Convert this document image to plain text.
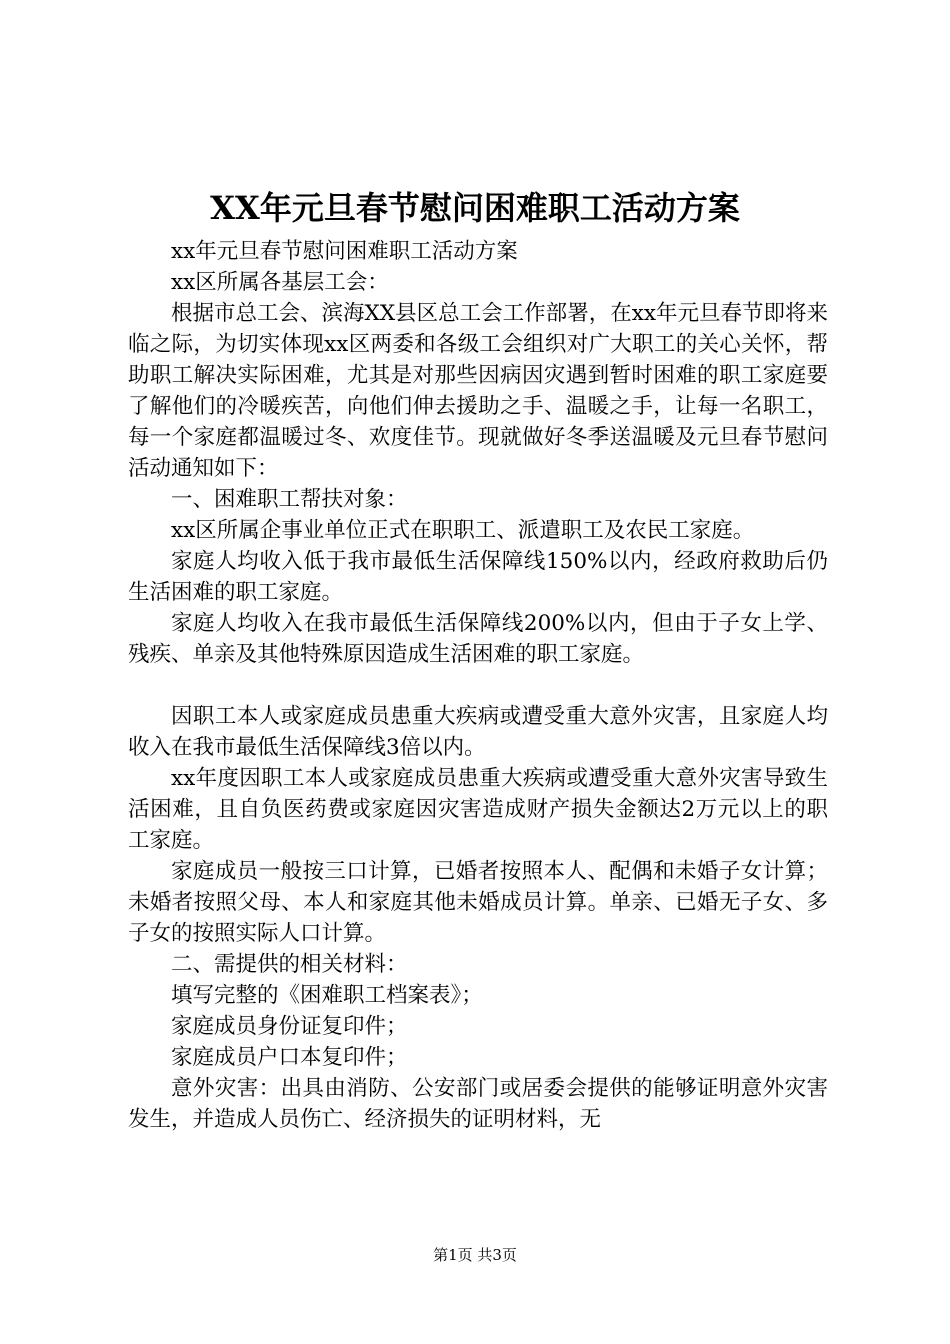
XX年元旦春节慰问困难职工活动方案

xx年元旦春节慰问困难职工活动方案

xx区所属各基层工会：

根据市总工会、滨海XX县区总工会工作部署，在xx年元旦春节即将来临之际，为切实体现xx区两委和各级工会组织对广大职工的关心关怀，帮助职工解决实际困难，尤其是对那些因病因灾遇到暂时困难的职工家庭要了解他们的冷暖疾苦，向他们伸去援助之手、温暖之手，让每一名职工，每一个家庭都温暖过冬、欢度佳节。现就做好冬季送温暖及元旦春节慰问活动通知如下：

一、困难职工帮扶对象：

xx区所属企事业单位正式在职职工、派遣职工及农民工家庭。

家庭人均收入低于我市最低生活保障线150%以内，经政府救助后仍生活困难的职工家庭。

家庭人均收入在我市最低生活保障线200%以内，但由于子女上学、残疾、单亲及其他特殊原因造成生活困难的职工家庭。

因职工本人或家庭成员患重大疾病或遭受重大意外灾害，且家庭人均收入在我市最低生活保障线3倍以内。

xx年度因职工本人或家庭成员患重大疾病或遭受重大意外灾害导致生活困难，且自负医药费或家庭因灾害造成财产损失金额达2万元以上的职工家庭。

家庭成员一般按三口计算，已婚者按照本人、配偶和未婚子女计算；未婚者按照父母、本人和家庭其他未婚成员计算。单亲、已婚无子女、多子女的按照实际人口计算。

二、需提供的相关材料：

填写完整的《困难职工档案表》；

家庭成员身份证复印件；

家庭成员户口本复印件；

意外灾害：出具由消防、公安部门或居委会提供的能够证明意外灾害发生，并造成人员伤亡、经济损失的证明材料，无

第1页 共3页
